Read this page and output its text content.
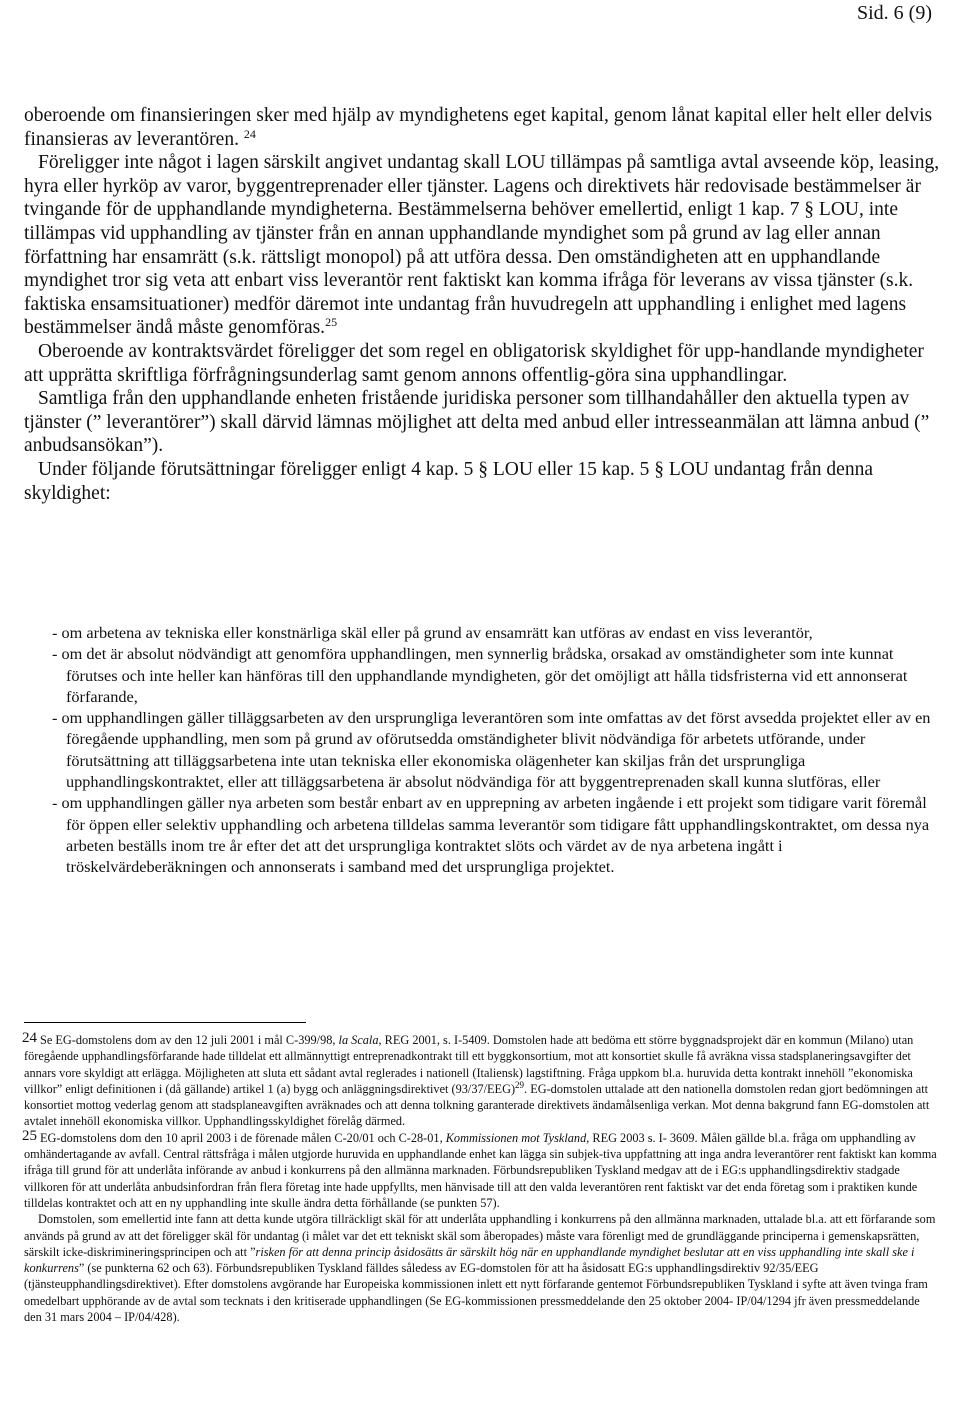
Sid. 6 (9)

oberoende om finansieringen sker med hjälp av myndighetens eget kapital, genom lånat kapital eller helt eller delvis finansieras av leverantören. $^{24}$

Föreligger inte något i lagen särskilt angivet undantag skall LOU tillämpas på samtliga avtal avseende köp, leasing, hyra eller hyrköp av varor, byggentreprenader eller tjänster. Lagens och direktivets här redovisade bestämmelser är tvingande för de upphandlande myndigheterna. Bestämmelserna behöver emellertid, enligt 1 kap. 7 § LOU, inte tillämpas vid upphandling av tjänster från en annan upphandlande myndighet som på grund av lag eller annan författning har ensamrätt (s.k. rättsligt monopol) på att utföra dessa. Den omständigheten att en upphandlande myndighet tror sig veta att enbart viss leverantör rent faktiskt kan komma ifråga för leverans av vissa tjänster (s.k. faktiska ensamsituationer) medför däremot inte undantag från huvudregeln att upphandling i enlighet med lagens bestämmelser ändå måste genomföras.$^{25}$

Oberoende av kontraktsvärdet föreligger det som regel en obligatorisk skyldighet för upp-handlande myndigheter att upprätta skriftliga förfrågningsunderlag samt genom annons offentlig-göra sina upphandlingar.

Samtliga från den upphandlande enheten fristående juridiska personer som tillhandahåller den aktuella typen av tjänster (” leverantörer”) skall därvid lämnas möjlighet att delta med anbud eller intresseanmälan att lämna anbud (” anbudsansökan”).

Under följande förutsättningar föreligger enligt 4 kap. 5 § LOU eller 15 kap. 5 § LOU undantag från denna skyldighet:

- om arbetena av tekniska eller konstnärliga skäl eller på grund av ensamrätt kan utföras av endast en viss leverantör,

- om det är absolut nödvändigt att genomföra upphandlingen, men synnerlig brådska, orsakad av omständigheter som inte kunnat förutses och inte heller kan hänföras till den upphandlande myndigheten, gör det omöjligt att hålla tidsfristerna vid ett annonserat förfarande,

- om upphandlingen gäller tilläggsarbeten av den ursprungliga leverantören som inte omfattas av det först avsedda projektet eller av en föregående upphandling, men som på grund av oförutsedda omständigheter blivit nödvändiga för arbetets utförande, under förutsättning att tilläggsarbetena inte utan tekniska eller ekonomiska olägenheter kan skiljas från det ursprungliga upphandlingskontraktet, eller att tilläggsarbetena är absolut nödvändiga för att byggentreprenaden skall kunna slutföras, eller

- om upphandlingen gäller nya arbeten som består enbart av en upprepning av arbeten ingående i ett projekt som tidigare varit föremål för öppen eller selektiv upphandling och arbetena tilldelas samma leverantör som tidigare fått upphandlingskontraktet, om dessa nya arbeten beställs inom tre år efter det att det ursprungliga kontraktet slöts och värdet av de nya arbetena ingått i tröskelvärdeberäkningen och annonserats i samband med det ursprungliga projektet.

24 Se EG-domstolens dom av den 12 juli 2001 i mål C-399/98, la Scala, REG 2001, s. I-5409. Domstolen hade att bedöma ett större byggnadsprojekt där en kommun (Milano) utan föregående upphandlingsförfarande hade tilldelat ett allmännyttigt entreprenadkontrakt till ett byggkonsortium, mot att konsortiet skulle få avräkna vissa stadsplaneringsavgifter det annars vore skyldigt att erlägga. Möjligheten att sluta ett sådant avtal reglerades i nationell (Italiensk) lagstiftning. Fråga uppkom bl.a. huruvida detta kontrakt innehöll ”ekonomiska villkor” enligt definitionen i (då gällande) artikel 1 (a) bygg och anläggningsdirektivet $(93/37/EEG)^{29}$. EG-domstolen uttalade att den nationella domstolen redan gjort bedömningen att konsortiet mottog vederlag genom att stadsplaneavgiften avräknades och att denna tolkning garanterade direktivets ändamålsenliga verkan. Mot denna bakgrund fann EG-domstolen att avtalet innehöll ekonomiska villkor. Upphandlingsskyldighet förelåg därmed.

25 EG-domstolens dom den 10 april 2003 i de förenade målen C-20/01 och C-28-01, Kommissionen mot Tyskland, REG 2003 s. I- 3609. Målen gällde bl.a. fråga om upphandling av omhändertagande av avfall. Central rättsfråga i målen utgjorde huruvida en upphandlande enhet kan lägga sin subjek-tiva uppfattning att inga andra leverantörer rent faktiskt kan komma ifråga till grund för att underlåta införande av anbud i konkurrens på den allmänna marknaden. Förbundsrepubliken Tyskland medgav att de i EG:s upphandlingsdirektiv stadgade villkoren för att underlåta anbudsinfordran från flera företag inte hade uppfyllts, men hänvisade till att den valda leverantören rent faktiskt var det enda företag som i praktiken kunde tilldelas kontraktet och att en ny upphandling inte skulle ändra detta förhållande (se punkten 57).

Domstolen, som emellertid inte fann att detta kunde utgöra tillräckligt skäl för att underlåta upphandling i konkurrens på den allmänna marknaden, uttalade bl.a. att ett förfarande som används på grund av att det föreligger skäl för undantag (i målet var det ett tekniskt skäl som åberopades) måste vara förenligt med de grundläggande principerna i gemenskapsrätten, särskilt icke-diskrimineringsprincipen och att ”risken för att denna princip åsidosätts är särskilt hög när en upphandlande myndighet beslutar att en viss upphandling inte skall ske i konkurrens” (se punkterna 62 och 63). Förbundsrepubliken Tyskland fälldes såledess av EG-domstolen för att ha åsidosatt EG:s upphandlingsdirektiv 92/35/EEG (tjänsteupphandlingsdirektivet). Efter domstolens avgörande har Europeiska kommissionen inlett ett nytt förfarande gentemot Förbundsrepubliken Tyskland i syfte att även tvinga fram omedelbart upphörande av de avtal som tecknats i den kritiserade upphandlingen (Se EG-kommissionen pressmeddelande den 25 oktober 2004- IP/04/1294 jfr även pressmeddelande den 31 mars 2004 – IP/04/428).
